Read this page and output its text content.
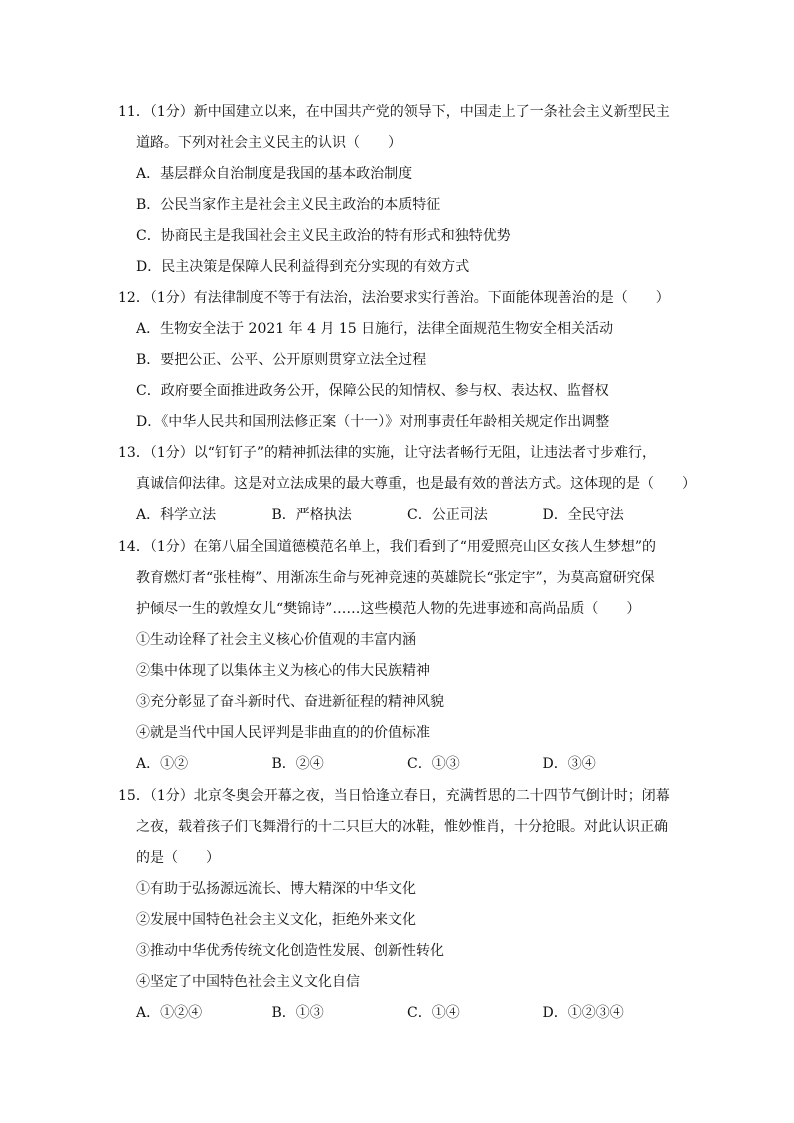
11．（1分）新中国建立以来，在中国共产党的领导下，中国走上了一条社会主义新型民主
道路。下列对社会主义民主的认识（　　）
A．基层群众自治制度是我国的基本政治制度
B．公民当家作主是社会主义民主政治的本质特征
C．协商民主是我国社会主义民主政治的特有形式和独特优势
D．民主决策是保障人民利益得到充分实现的有效方式
12．（1分）有法律制度不等于有法治，法治要求实行善治。下面能体现善治的是（　　）
A．生物安全法于 2021 年 4 月 15 日施行，法律全面规范生物安全相关活动
B．要把公正、公平、公开原则贯穿立法全过程
C．政府要全面推进政务公开，保障公民的知情权、参与权、表达权、监督权
D．《中华人民共和国刑法修正案（十一）》对刑事责任年龄相关规定作出调整
13．（1分）以“钉钉子”的精神抓法律的实施，让守法者畅行无阻，让违法者寸步难行，
真诚信仰法律。这是对立法成果的最大尊重，也是最有效的普法方式。这体现的是（　　）
A．科学立法	B．严格执法	C．公正司法	D．全民守法
14．（1分）在第八届全国道德模范名单上，我们看到了“用爱照亮山区女孩人生梦想”的
教育燃灯者“张桂梅”、用渐冻生命与死神竞速的英雄院长“张定宇”，为莫高窟研究保
护倾尽一生的敦煌女儿“樊锦诗”……这些模范人物的先进事迹和高尚品质（　　）
①生动诠释了社会主义核心价值观的丰富内涵
②集中体现了以集体主义为核心的伟大民族精神
③充分彰显了奋斗新时代、奋进新征程的精神风貌
④就是当代中国人民评判是非曲直的的价值标准
A．①②	B．②④	C．①③	D．③④
15．（1分）北京冬奥会开幕之夜，当日恰逢立春日，充满哲思的二十四节气倒计时；闭幕
之夜，载着孩子们飞舞滑行的十二只巨大的冰鞋，惟妙惟肖，十分抢眼。对此认识正确
的是（　　）
①有助于弘扬源远流长、博大精深的中华文化
②发展中国特色社会主义文化，拒绝外来文化
③推动中华优秀传统文化创造性发展、创新性转化
④坚定了中国特色社会主义文化自信
A．①②④	B．①③	C．①④	D．①②③④
